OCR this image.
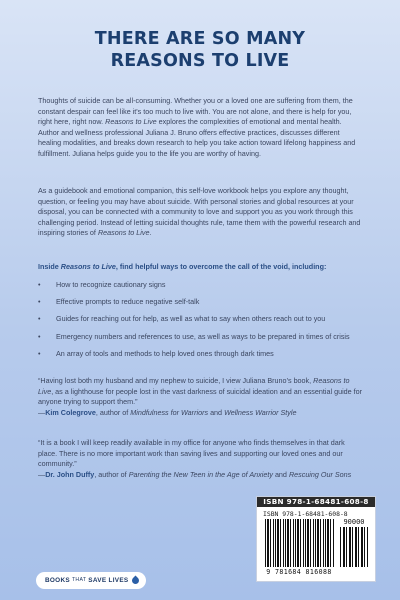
THERE ARE SO MANY
REASONS TO LIVE
Thoughts of suicide can be all-consuming. Whether you or a loved one are suffering from them, the constant despair can feel like it's too much to live with. You are not alone, and there is help for you, right here, right now. Reasons to Live explores the complexities of emotional and mental health. Author and wellness professional Juliana J. Bruno offers effective practices, discusses different healing modalities, and breaks down research to help you take action toward lifelong happiness and fulfillment. Juliana helps guide you to the life you are worthy of having.
As a guidebook and emotional companion, this self-love workbook helps you explore any thought, question, or feeling you may have about suicide. With personal stories and global resources at your disposal, you can be connected with a community to love and support you as you work through this challenging period. Instead of letting suicidal thoughts rule, tame them with the powerful research and inspiring stories of Reasons to Live.
Inside Reasons to Live, find helpful ways to overcome the call of the void, including:
• How to recognize cautionary signs
• Effective prompts to reduce negative self-talk
• Guides for reaching out for help, as well as what to say when others reach out to you
• Emergency numbers and references to use, as well as ways to be prepared in times of crisis
• An array of tools and methods to help loved ones through dark times
“Having lost both my husband and my nephew to suicide, I view Juliana Bruno’s book, Reasons to Live, as a lighthouse for people lost in the vast darkness of suicidal ideation and an essential guide for anyone trying to support them.”
—Kim Colegrove, author of Mindfulness for Warriors and Wellness Warrior Style
“It is a book I will keep readily available in my office for anyone who finds themselves in that dark place. There is no more important work than saving lives and supporting our loved ones and our community.”
—Dr. John Duffy, author of Parenting the New Teen in the Age of Anxiety and Rescuing Our Sons
ISBN 978-1-68481-608-8
ISBN 978-1-68481-608-8
90000
9 781684 816088
BOOKS THAT SAVE LIVES
